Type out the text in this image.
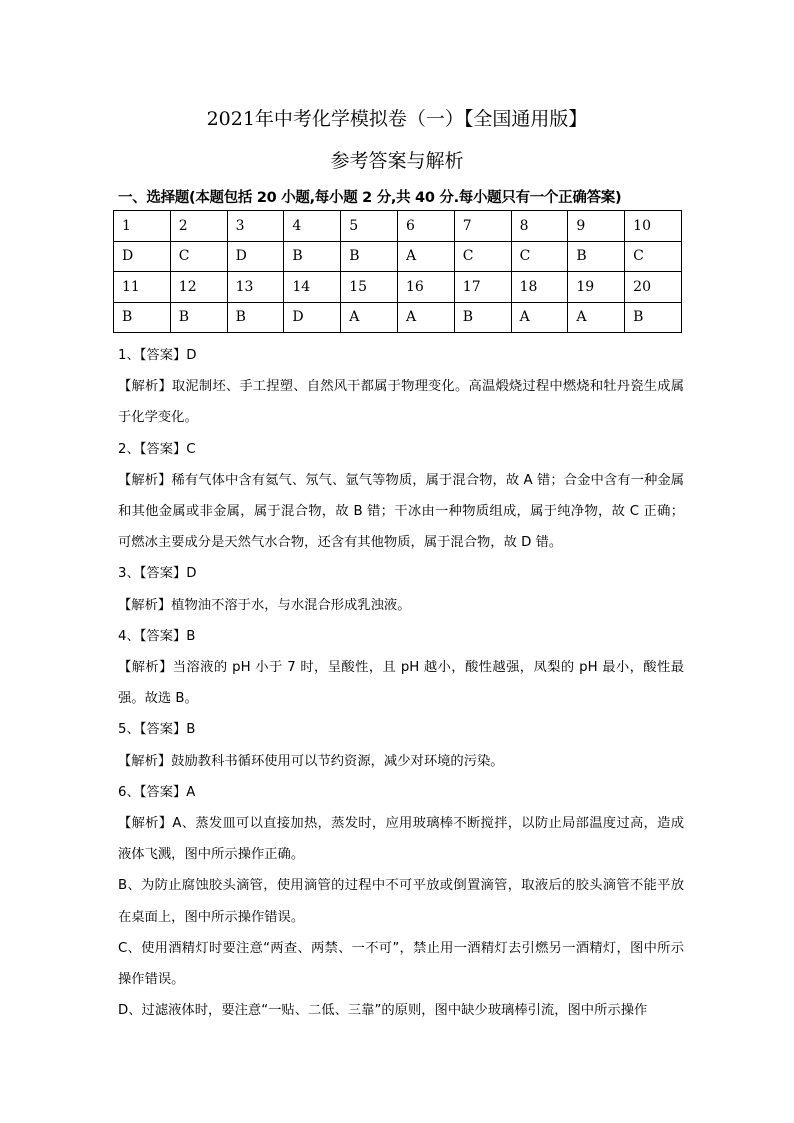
2021年中考化学模拟卷（一）【全国通用版】
参考答案与解析
一、选择题(本题包括 20 小题,每小题 2 分,共 40 分.每小题只有一个正确答案)
1	2	3	4	5	6	7	8	9	10
D	C	D	B	B	A	C	C	B	C
11	12	13	14	15	16	17	18	19	20
B	B	B	D	A	A	B	A	A	B

1、【答案】D

【解析】取泥制坯、手工捏塑、自然风干都属于物理变化。高温煅烧过程中燃烧和牡丹瓷生成属于化学变化。

2、【答案】C

【解析】稀有气体中含有氦气、氖气、氩气等物质，属于混合物，故 A 错；合金中含有一种金属和其他金属或非金属，属于混合物，故 B 错；干冰由一种物质组成，属于纯净物，故 C 正确；可燃冰主要成分是天然气水合物，还含有其他物质，属于混合物，故 D 错。

3、【答案】D

【解析】植物油不溶于水，与水混合形成乳浊液。

4、【答案】B

【解析】当溶液的 pH 小于 7 时，呈酸性，且 pH 越小，酸性越强，凤梨的 pH 最小，酸性最强。故选 B。

5、【答案】B

【解析】鼓励教科书循环使用可以节约资源，减少对环境的污染。

6、【答案】A

【解析】A、蒸发皿可以直接加热，蒸发时，应用玻璃棒不断搅拌，以防止局部温度过高，造成液体飞溅，图中所示操作正确。

B、为防止腐蚀胶头滴管，使用滴管的过程中不可平放或倒置滴管，取液后的胶头滴管不能平放在桌面上，图中所示操作错误。

C、使用酒精灯时要注意“两查、两禁、一不可”，禁止用一酒精灯去引燃另一酒精灯，图中所示操作错误。

D、过滤液体时，要注意“一贴、二低、三靠”的原则，图中缺少玻璃棒引流，图中所示操作
